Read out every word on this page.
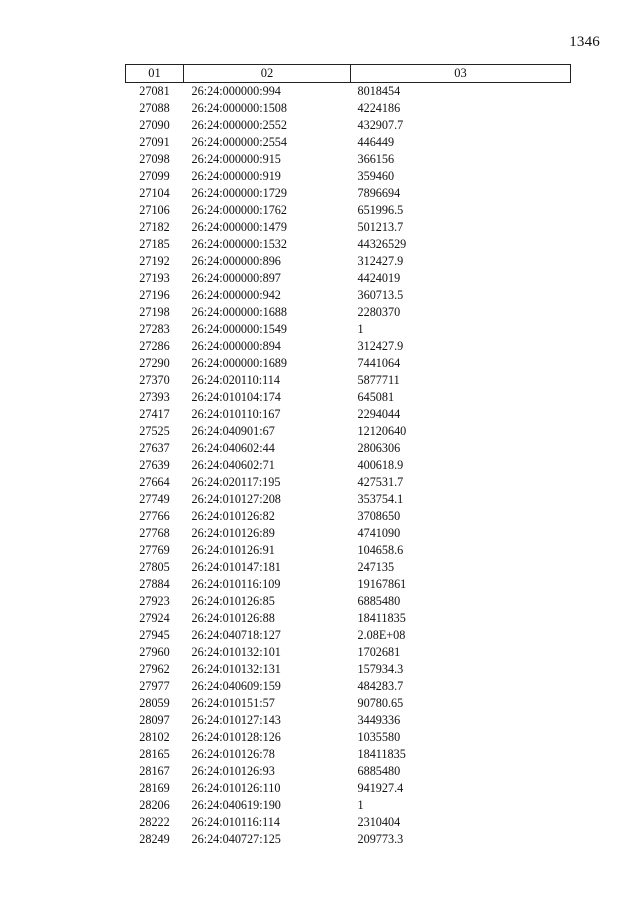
1346
01	02	03
27081	26:24:000000:994	8018454
27088	26:24:000000:1508	4224186
27090	26:24:000000:2552	432907.7
27091	26:24:000000:2554	446449
27098	26:24:000000:915	366156
27099	26:24:000000:919	359460
27104	26:24:000000:1729	7896694
27106	26:24:000000:1762	651996.5
27182	26:24:000000:1479	501213.7
27185	26:24:000000:1532	44326529
27192	26:24:000000:896	312427.9
27193	26:24:000000:897	4424019
27196	26:24:000000:942	360713.5
27198	26:24:000000:1688	2280370
27283	26:24:000000:1549	1
27286	26:24:000000:894	312427.9
27290	26:24:000000:1689	7441064
27370	26:24:020110:114	5877711
27393	26:24:010104:174	645081
27417	26:24:010110:167	2294044
27525	26:24:040901:67	12120640
27637	26:24:040602:44	2806306
27639	26:24:040602:71	400618.9
27664	26:24:020117:195	427531.7
27749	26:24:010127:208	353754.1
27766	26:24:010126:82	3708650
27768	26:24:010126:89	4741090
27769	26:24:010126:91	104658.6
27805	26:24:010147:181	247135
27884	26:24:010116:109	19167861
27923	26:24:010126:85	6885480
27924	26:24:010126:88	18411835
27945	26:24:040718:127	2.08E+08
27960	26:24:010132:101	1702681
27962	26:24:010132:131	157934.3
27977	26:24:040609:159	484283.7
28059	26:24:010151:57	90780.65
28097	26:24:010127:143	3449336
28102	26:24:010128:126	1035580
28165	26:24:010126:78	18411835
28167	26:24:010126:93	6885480
28169	26:24:010126:110	941927.4
28206	26:24:040619:190	1
28222	26:24:010116:114	2310404
28249	26:24:040727:125	209773.3
